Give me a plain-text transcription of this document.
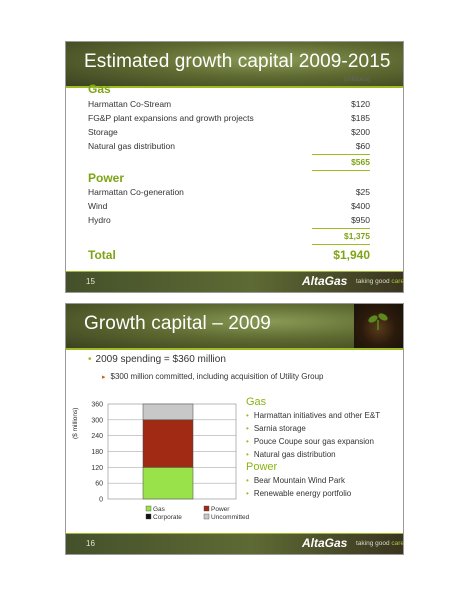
Estimated growth capital 2009-2015
Gas
(millions)
Harmattan Co-Stream	$120
FG&P plant expansions and growth projects	$185
Storage	$200
Natural gas distribution	$60
$565
Power
Harmattan Co-generation	$25
Wind	$400
Hydro	$950
$1,375
Total	$1,940
15	AltaGas taking good care
Growth capital – 2009
• 2009 spending = $360 million
▸ $300 million committed, including acquisition of Utility Group
0
60
120
180
240
300
360
Gas	Power
Corporate	Uncommitted
($ millions)
Gas
• Harmattan initiatives and other E&T
• Sarnia storage
• Pouce Coupe sour gas expansion
• Natural gas distribution
Power
• Bear Mountain Wind Park
• Renewable energy portfolio
16	AltaGas taking good care
